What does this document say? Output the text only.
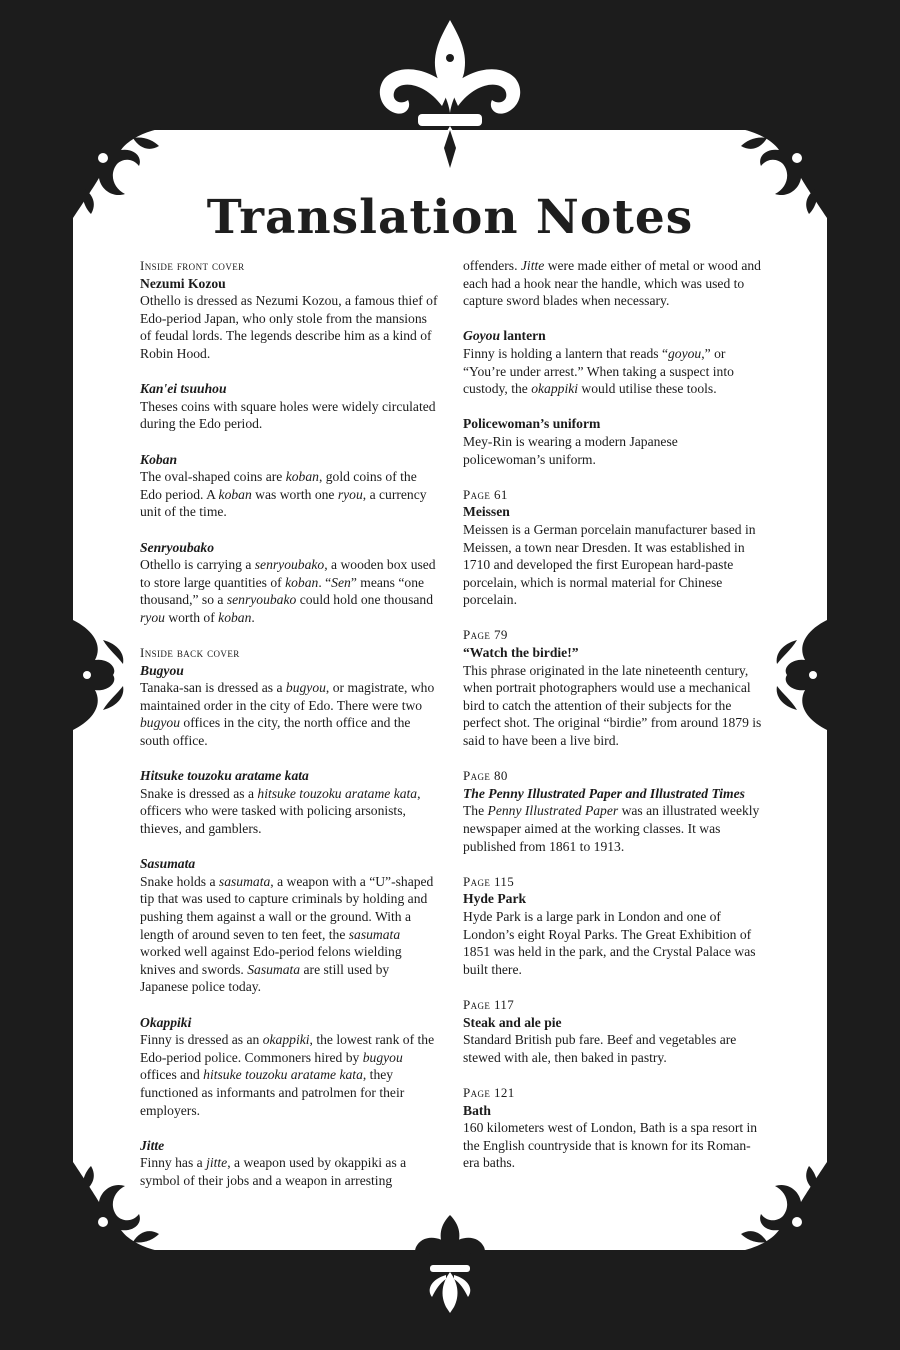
Translation Notes

Inside front cover

Nezumi Kozou

Othello is dressed as Nezumi Kozou, a famous thief of Edo-period Japan, who only stole from the mansions of feudal lords. The legends describe him as a kind of Robin Hood.

Kan'ei tsuuhou

Theses coins with square holes were widely circulated during the Edo period.

Koban

The oval-shaped coins are koban, gold coins of the Edo period. A koban was worth one ryou, a currency unit of the time.

Senryoubako

Othello is carrying a senryoubako, a wooden box used to store large quantities of koban. “Sen” means “one thousand,” so a senryoubako could hold one thousand ryou worth of koban.

Inside back cover

Bugyou

Tanaka-san is dressed as a bugyou, or magistrate, who maintained order in the city of Edo. There were two bugyou offices in the city, the north office and the south office.

Hitsuke touzoku aratame kata

Snake is dressed as a hitsuke touzoku aratame kata, officers who were tasked with policing arsonists, thieves, and gamblers.

Sasumata

Snake holds a sasumata, a weapon with a “U”-shaped tip that was used to capture criminals by holding and pushing them against a wall or the ground. With a length of around seven to ten feet, the sasumata worked well against Edo-period felons wielding knives and swords. Sasumata are still used by Japanese police today.

Okappiki

Finny is dressed as an okappiki, the lowest rank of the Edo-period police. Commoners hired by bugyou offices and hitsuke touzoku aratame kata, they functioned as informants and patrolmen for their employers.

Jitte

Finny has a jitte, a weapon used by okappiki as a symbol of their jobs and a weapon in arresting

offenders. Jitte were made either of metal or wood and each had a hook near the handle, which was used to capture sword blades when necessary.

Goyou lantern

Finny is holding a lantern that reads “goyou,” or “You’re under arrest.” When taking a suspect into custody, the okappiki would utilise these tools.

Policewoman’s uniform

Mey-Rin is wearing a modern Japanese policewoman’s uniform.

Page 61

Meissen

Meissen is a German porcelain manufacturer based in Meissen, a town near Dresden. It was established in 1710 and developed the first European hard-paste porcelain, which is normal material for Chinese porcelain.

Page 79

“Watch the birdie!”

This phrase originated in the late nineteenth century, when portrait photographers would use a mechanical bird to catch the attention of their subjects for the perfect shot. The original “birdie” from around 1879 is said to have been a live bird.

Page 80

The Penny Illustrated Paper and Illustrated Times

The Penny Illustrated Paper was an illustrated weekly newspaper aimed at the working classes. It was published from 1861 to 1913.

Page 115

Hyde Park

Hyde Park is a large park in London and one of London’s eight Royal Parks. The Great Exhibition of 1851 was held in the park, and the Crystal Palace was built there.

Page 117

Steak and ale pie

Standard British pub fare. Beef and vegetables are stewed with ale, then baked in pastry.

Page 121

Bath

160 kilometers west of London, Bath is a spa resort in the English countryside that is known for its Roman-era baths.
